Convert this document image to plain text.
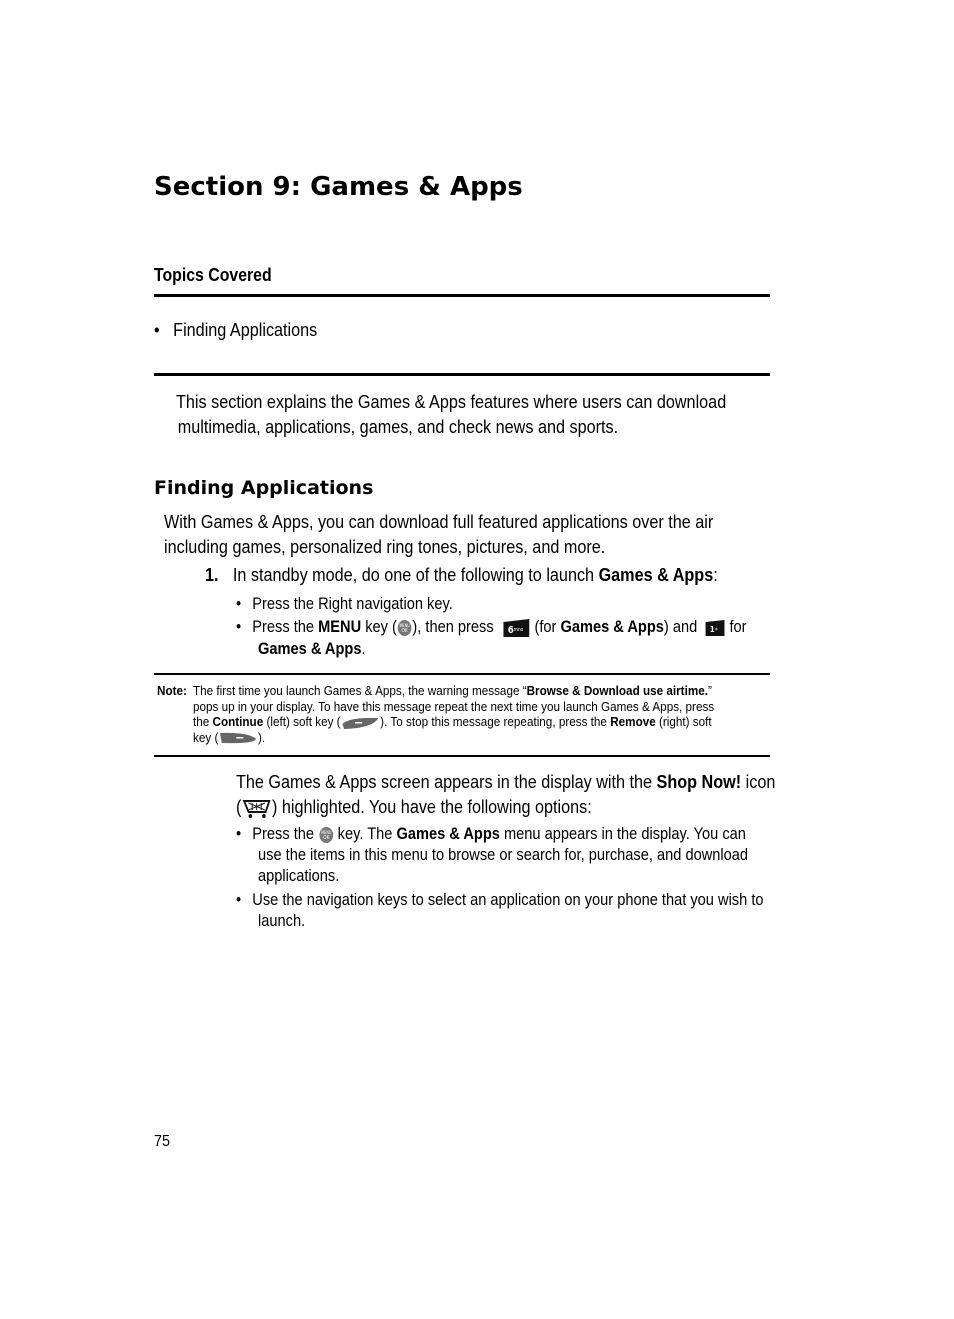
Section 9: Games & Apps
Topics Covered
•   Finding Applications
This section explains the Games & Apps features where users can download
multimedia, applications, games, and check news and sports.
Finding Applications
With Games & Apps, you can download full featured applications over the air
including games, personalized ring tones, pictures, and more.
1. In standby mode, do one of the following to launch Games & Apps:
• Press the Right navigation key.
• Press the MENU key ( MENU
OK ), then press 6 mno (for Games & Apps) and 1 * for
Games & Apps.
Note: The first time you launch Games & Apps, the warning message “Browse & Download use airtime.”
pops up in your display. To have this message repeat the next time you launch Games & Apps, press
the Continue (left) soft key (	). To stop this message repeating, press the Remove (right) soft
key (	).
The Games & Apps screen appears in the display with the Shop Now! icon
( ) highlighted. You have the following options:
• Press the MENU
OK key. The Games & Apps menu appears in the display. You can
use the items in this menu to browse or search for, purchase, and download
applications.
• Use the navigation keys to select an application on your phone that you wish to
launch.
75
